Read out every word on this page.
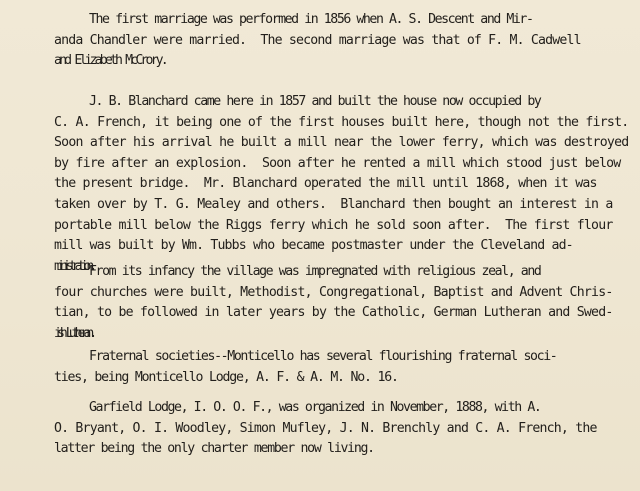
The first marriage was performed in 1856 when A. S. Descent and Mir-
anda Chandler were married.  The second marriage was that of F. M. Cadwell
and Elizabeth McCrory.
J. B. Blanchard came here in 1857 and built the house now occupied by
C. A. French, it being one of the first houses built here, though not the first.
Soon after his arrival he built a mill near the lower ferry, which was destroyed
by fire after an explosion.  Soon after he rented a mill which stood just below
the present bridge.  Mr. Blanchard operated the mill until 1868, when it was
taken over by T. G. Mealey and others.  Blanchard then bought an interest in a
portable mill below the Riggs ferry which he sold soon after.  The first flour
mill was built by Wm. Tubbs who became postmaster under the Cleveland ad-
ministration.
From its infancy the village was impregnated with religious zeal, and
four churches were built, Methodist, Congregational, Baptist and Advent Chris-
tian, to be followed in later years by the Catholic, German Lutheran and Swed-
ish Lutheran.
Fraternal societies--Monticello has several flourishing fraternal soci-
ties, being Monticello Lodge, A. F. & A. M. No. 16.
Garfield Lodge, I. O. O. F., was organized in November, 1888, with A.
O. Bryant, O. I. Woodley, Simon Mufley, J. N. Brenchly and C. A. French, the
latter being the only charter member now living.
